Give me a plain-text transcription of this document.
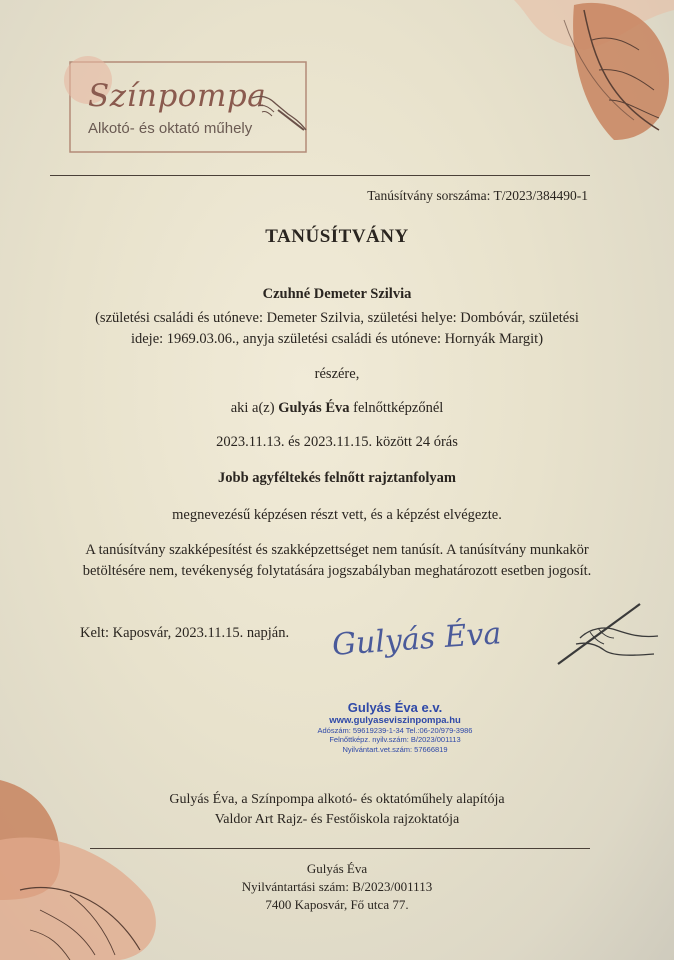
Színpompa
Alkotó- és oktató műhely
Tanúsítvány sorszáma: T/2023/384490-1
TANÚSÍTVÁNY
Czuhné Demeter Szilvia
(születési családi és utóneve: Demeter Szilvia, születési helye: Dombóvár, születési
ideje: 1969.03.06., anyja születési családi és utóneve: Hornyák Margit)
részére,
aki a(z) Gulyás Éva felnőttképzőnél
2023.11.13. és 2023.11.15. között 24 órás
Jobb agyféltekés felnőtt rajztanfolyam
megnevezésű képzésen részt vett, és a képzést elvégezte.
A tanúsítvány szakképesítést és szakképzettséget nem tanúsít. A tanúsítvány munkakör
betöltésére nem, tevékenység folytatására jogszabályban meghatározott esetben jogosít.
Kelt: Kaposvár, 2023.11.15. napján. Gulyás Éva
Gulyás Éva e.v.
www.gulyaseviszinpompa.hu
Adószám: 59619239-1-34 Tel.:06-20/979-3986
Felnőttképz. nyilv.szám: B/2023/001113
Nyilvántart.vet.szám: 57666819
Gulyás Éva, a Színpompa alkotó- és oktatóműhely alapítója
Valdor Art Rajz- és Festőiskola rajzoktatója
Gulyás Éva
Nyilvántartási szám: B/2023/001113
7400 Kaposvár, Fő utca 77.
